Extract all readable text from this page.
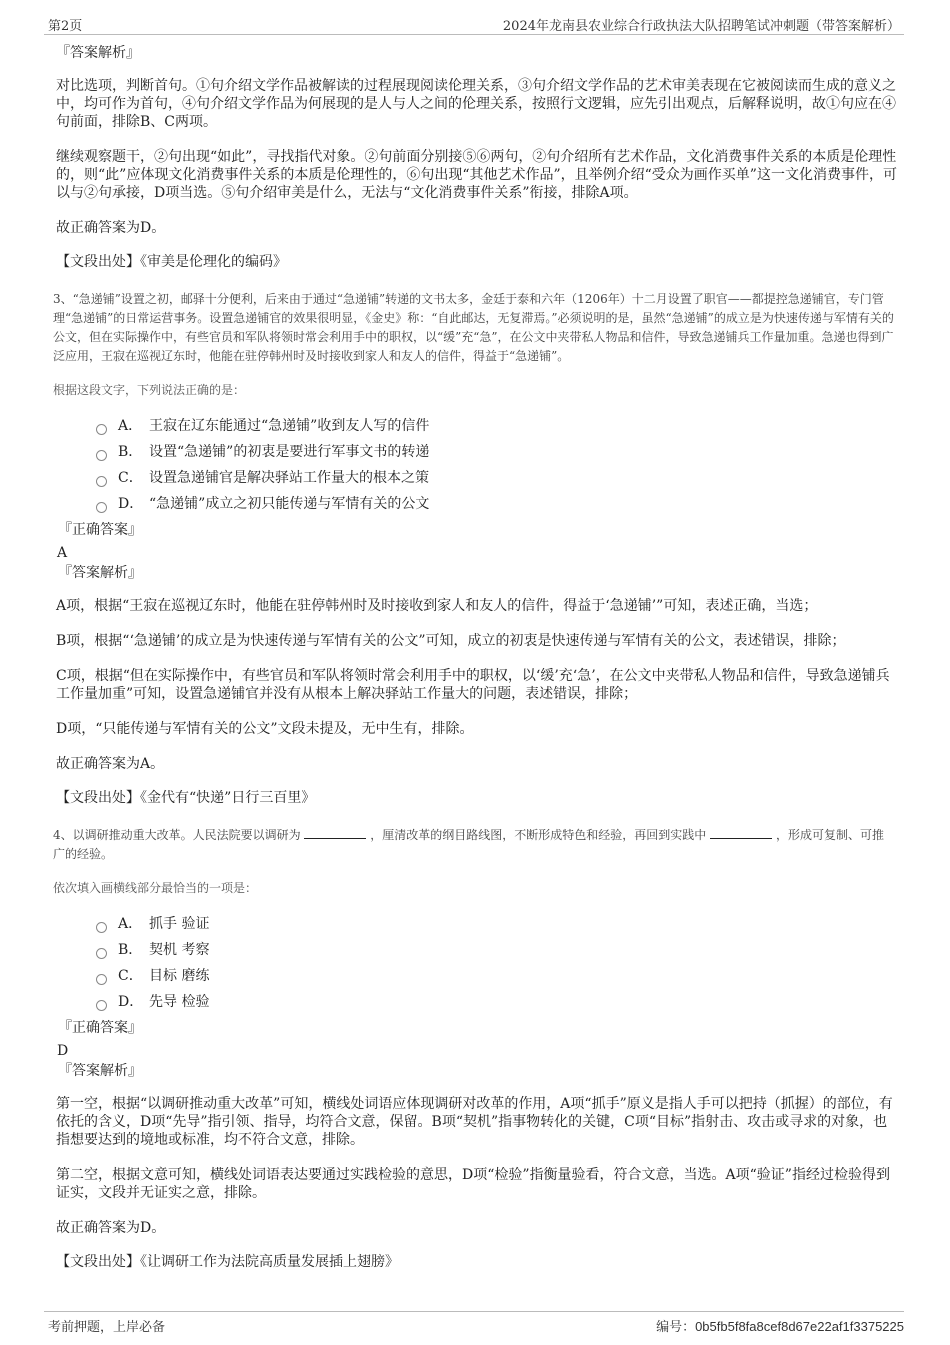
第2页	2024年龙南县农业综合行政执法大队招聘笔试冲刺题（带答案解析）
『答案解析』

对比选项，判断首句。①句介绍文学作品被解读的过程展现阅读伦理关系，③句介绍文学作品的艺术审美表现在它被阅读而生成的意义之中，均可作为首句，④句介绍文学作品为何展现的是人与人之间的伦理关系，按照行文逻辑，应先引出观点，后解释说明，故①句应在④句前面，排除B、C两项。

继续观察题干，②句出现“如此”，寻找指代对象。②句前面分别接⑤⑥两句，②句介绍所有艺术作品，文化消费事件关系的本质是伦理性的，则“此”应体现文化消费事件关系的本质是伦理性的，⑥句出现“其他艺术作品”，且举例介绍“受众为画作买单”这一文化消费事件，可以与②句承接，D项当选。⑤句介绍审美是什么，无法与“文化消费事件关系”衔接，排除A项。

故正确答案为D。

【文段出处】《审美是伦理化的编码》

3、“急递铺”设置之初，邮驿十分便利，后来由于通过“急递铺”转递的文书太多，金廷于泰和六年（1206年）十二月设置了职官——都提控急递铺官，专门管理“急递铺”的日常运营事务。设置急递铺官的效果很明显，《金史》称：“自此邮达，无复滞焉。”必须说明的是，虽然“急递铺”的成立是为快速传递与军情有关的公文，但在实际操作中，有些官员和军队将领时常会利用手中的职权，以“缓”充“急”，在公文中夹带私人物品和信件，导致急递铺兵工作量加重。急递也得到广泛应用，王寂在巡视辽东时，他能在驻停韩州时及时接收到家人和友人的信件，得益于“急递铺”。

根据这段文字，下列说法正确的是：

A． 王寂在辽东能通过“急递铺”收到友人写的信件
B． 设置“急递铺”的初衷是要进行军事文书的转递
C． 设置急递铺官是解决驿站工作量大的根本之策
D． “急递铺”成立之初只能传递与军情有关的公文
『正确答案』
A
『答案解析』

A项，根据“王寂在巡视辽东时，他能在驻停韩州时及时接收到家人和友人的信件，得益于‘急递铺’”可知，表述正确，当选；

B项，根据“‘急递铺’的成立是为快速传递与军情有关的公文”可知，成立的初衷是快速传递与军情有关的公文，表述错误，排除；

C项，根据“但在实际操作中，有些官员和军队将领时常会利用手中的职权，以‘缓’充‘急’，在公文中夹带私人物品和信件，导致急递铺兵工作量加重”可知，设置急递铺官并没有从根本上解决驿站工作量大的问题，表述错误，排除；

D项，“只能传递与军情有关的公文”文段未提及，无中生有，排除。

故正确答案为A。

【文段出处】《金代有“快递”日行三百里》

4、以调研推动重大改革。人民法院要以调研为	，厘清改革的纲目路线图，不断形成特色和经验，再回到实践中	，形成可复制、可推广的经验。

依次填入画横线部分最恰当的一项是：

A． 抓手 验证
B． 契机 考察
C． 目标 磨练
D． 先导 检验
『正确答案』
D
『答案解析』

第一空，根据“以调研推动重大改革”可知，横线处词语应体现调研对改革的作用，A项“抓手”原义是指人手可以把持（抓握）的部位，有依托的含义，D项“先导”指引领、指导，均符合文意，保留。B项“契机”指事物转化的关键，C项“目标”指射击、攻击或寻求的对象，也指想要达到的境地或标准，均不符合文意，排除。

第二空，根据文意可知，横线处词语表达要通过实践检验的意思，D项“检验”指衡量验看，符合文意，当选。A项“验证”指经过检验得到证实，文段并无证实之意，排除。

故正确答案为D。

【文段出处】《让调研工作为法院高质量发展插上翅膀》
考前押题，上岸必备	编号：0b5fb5f8fa8cef8d67e22af1f3375225
